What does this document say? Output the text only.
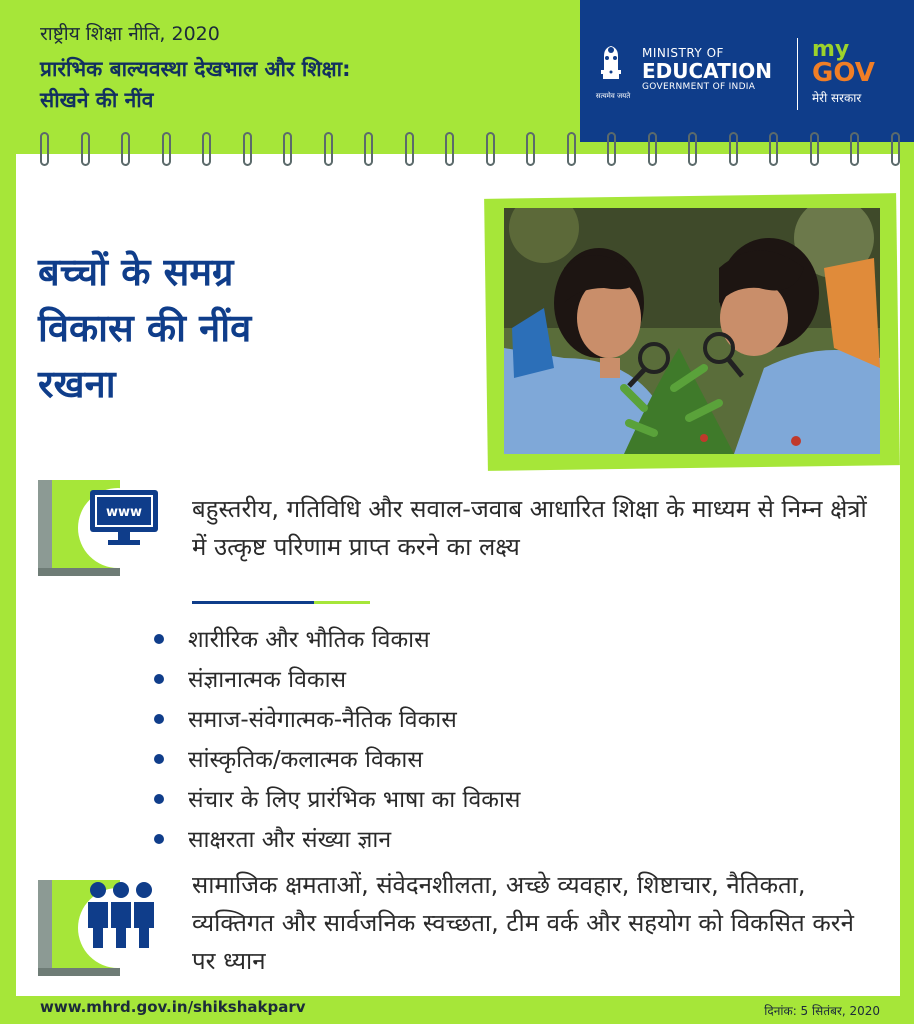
राष्ट्रीय शिक्षा नीति, 2020
प्रारंभिक बाल्यवस्था देखभाल और शिक्षा:
सीखने की नींव	सत्यमेव जयते
MINISTRY OF
EDUCATION
GOVERNMENT OF INDIA
my
GOV
मेरी सरकार
बच्चों के समग्र
विकास की नींव
रखना
www बहुस्तरीय, गतिविधि और सवाल-जवाब आधारित शिक्षा के माध्यम से निम्न क्षेत्रों में उत्कृष्ट परिणाम प्राप्त करने का लक्ष्य
शारीरिक और भौतिक विकास
संज्ञानात्मक विकास
समाज-संवेगात्मक-नैतिक विकास
सांस्कृतिक/कलात्मक विकास
संचार के लिए प्रारंभिक भाषा का विकास
साक्षरता और संख्या ज्ञान
सामाजिक क्षमताओं, संवेदनशीलता, अच्छे व्यवहार, शिष्टाचार, नैतिकता, व्यक्तिगत और सार्वजनिक स्वच्छता, टीम वर्क और सहयोग को विकसित करने पर ध्यान
www.mhrd.gov.in/shikshakparv	दिनांक: 5 सितंबर, 2020
